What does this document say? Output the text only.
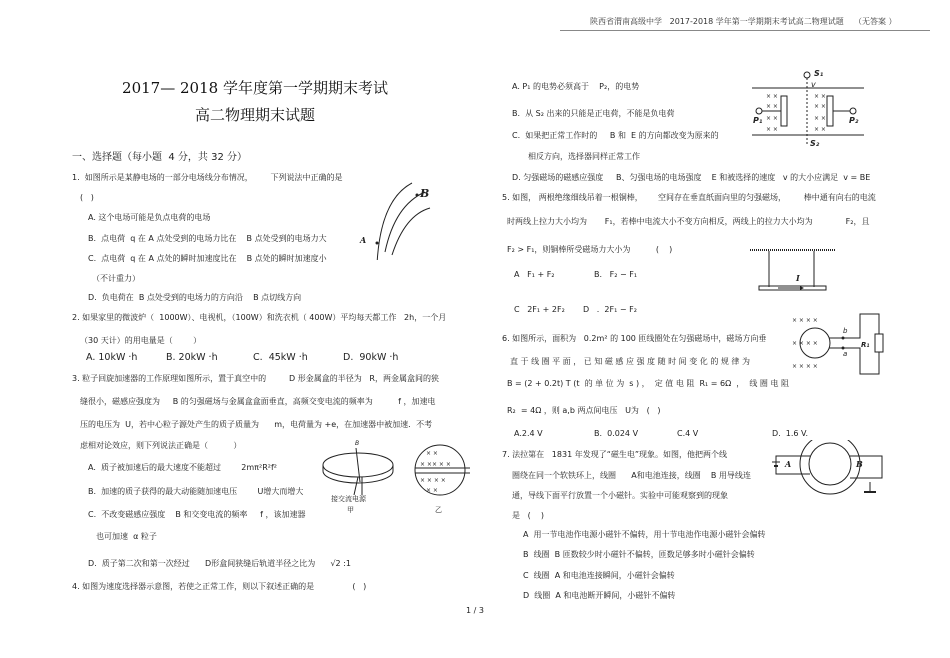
陕西省渭南高级中学   2017-2018 学年第一学期期末考试高二物理试题    （无答案 ）
2017— 2018 学年度第一学期期末考试
高二物理期末试题
一、选择题（每小题  4 分，共 32 分）
1.  如图所示是某静电场的一部分电场线分布情况，       下列说法中正确的是
(   )
A. 这个电场可能是负点电荷的电场
B.  点电荷  q 在 A 点处受到的电场力比在    B 点处受到的电场力大
C.  点电荷  q 在 A 点处的瞬时加速度比在    B 点处的瞬时加速度小
（不计重力）
D.  负电荷在  B 点处受到的电场力的方向沿    B 点切线方向
A
B
2. 如果家里的微波炉（  1000W）、电视机，（100W）和洗衣机（ 400W）平均每天都工作   2h，一个月
（30 天计）的用电量是（        ）
A. 10kW ·h	B. 20kW ·h	C.  45kW ·h	D.  90kW ·h
3. 粒子回旋加速器的工作原理如图所示，置于真空中的         D 形金属盒的半径为   R，两金属盒间的狭
缝很小，磁感应强度为     B 的匀强磁场与金属盒盒面垂直，高频交变电流的频率为          f ，加速电
压的电压为  U，若中心粒子源处产生的质子质量为      m，电荷量为 +e，在加速器中被加速．不考
虑相对论效应，则下列说法正确是（          ）
A.  质子被加速后的最大速度不能超过        2mπ²R²f²
B.  加速的质子获得的最大动能随加速电压        U增大而增大
C.  不改变磁感应强度    B 和交变电流的频率     f ，该加速器
也可加速  α 粒子
D.  质子第二次和第一次经过      D形盒间狭缝后轨道半径之比为      √2 :1
× ×
× ×× × ×
× × × ×
× ×
接交流电源
甲	乙
B
4. 如图为速度选择器示意图，若使之正常工作，则以下叙述正确的是               (   )
A. P₁ 的电势必须高于    P₂，的电势
B.  从 S₂ 出来的只能是正电荷，不能是负电荷
C.  如果把正常工作时的     B 和  E 的方向都改变为原来的
相反方向，选择器同样正常工作
D. 匀强磁场的磁感应强度     B、匀强电场的电场强度    E 和被选择的速度   v 的大小应满足  v = BE
× ×
× ×
× ×
× ×
× ×
× ×
× ×
× ×
S₁
S₂
v
P₁	P₂
5. 如图， 两根绝缘细线吊着一根铜棒，      空间存在垂直纸面向里的匀强磁场，       棒中通有向右的电流
时两线上拉力大小均为       F₁，若棒中电流大小不变方向相反，两线上的拉力大小均为             F₂，且
F₂ > F₁，则铜棒所受磁场力大小为          (    )
A   F₁ + F₂	B.   F₂ − F₁
C   2F₁ + 2F₂ D   .  2F₁ − F₂
I
6. 如图所示，面积为   0.2m² 的 100 匝线圈处在匀强磁场中，磁场方向垂
直 于 线 圈 平 面 ， 已 知 磁 感 应 强 度 随 时 间 变 化 的 规 律 为
B = (2 + 0.2t) T (t  的 单 位 为  s ) ，  定 值 电 阻  R₁ = 6Ω  ，  线 圈 电 阻
R₂  = 4Ω ，则 a,b 两点间电压   U为   (   )
A.2.4 V	B.  0.024 V	C.4 V	D.  1.6 V.
× × × ×
× × × ×
× × × ×
b
a
R₁
7. 法拉第在   1831 年发现了“磁生电”现象。如图，他把两个线
圈绕在同一个软铁环上，线圈      A和电池连接，线圈    B 用导线连
通，导线下面平行放置一个小磁针。实验中可能观察到的现象
是   (    )
A  用一节电池作电源小磁针不偏转，用十节电池作电源小磁针会偏转
B  线圈  B 匝数较少时小磁针不偏转，匝数足够多时小磁针会偏转
C  线圈  A 和电池连接瞬间，小磁针会偏转
D  线圈  A 和电池断开瞬间，小磁针不偏转
A	B
1 / 3
